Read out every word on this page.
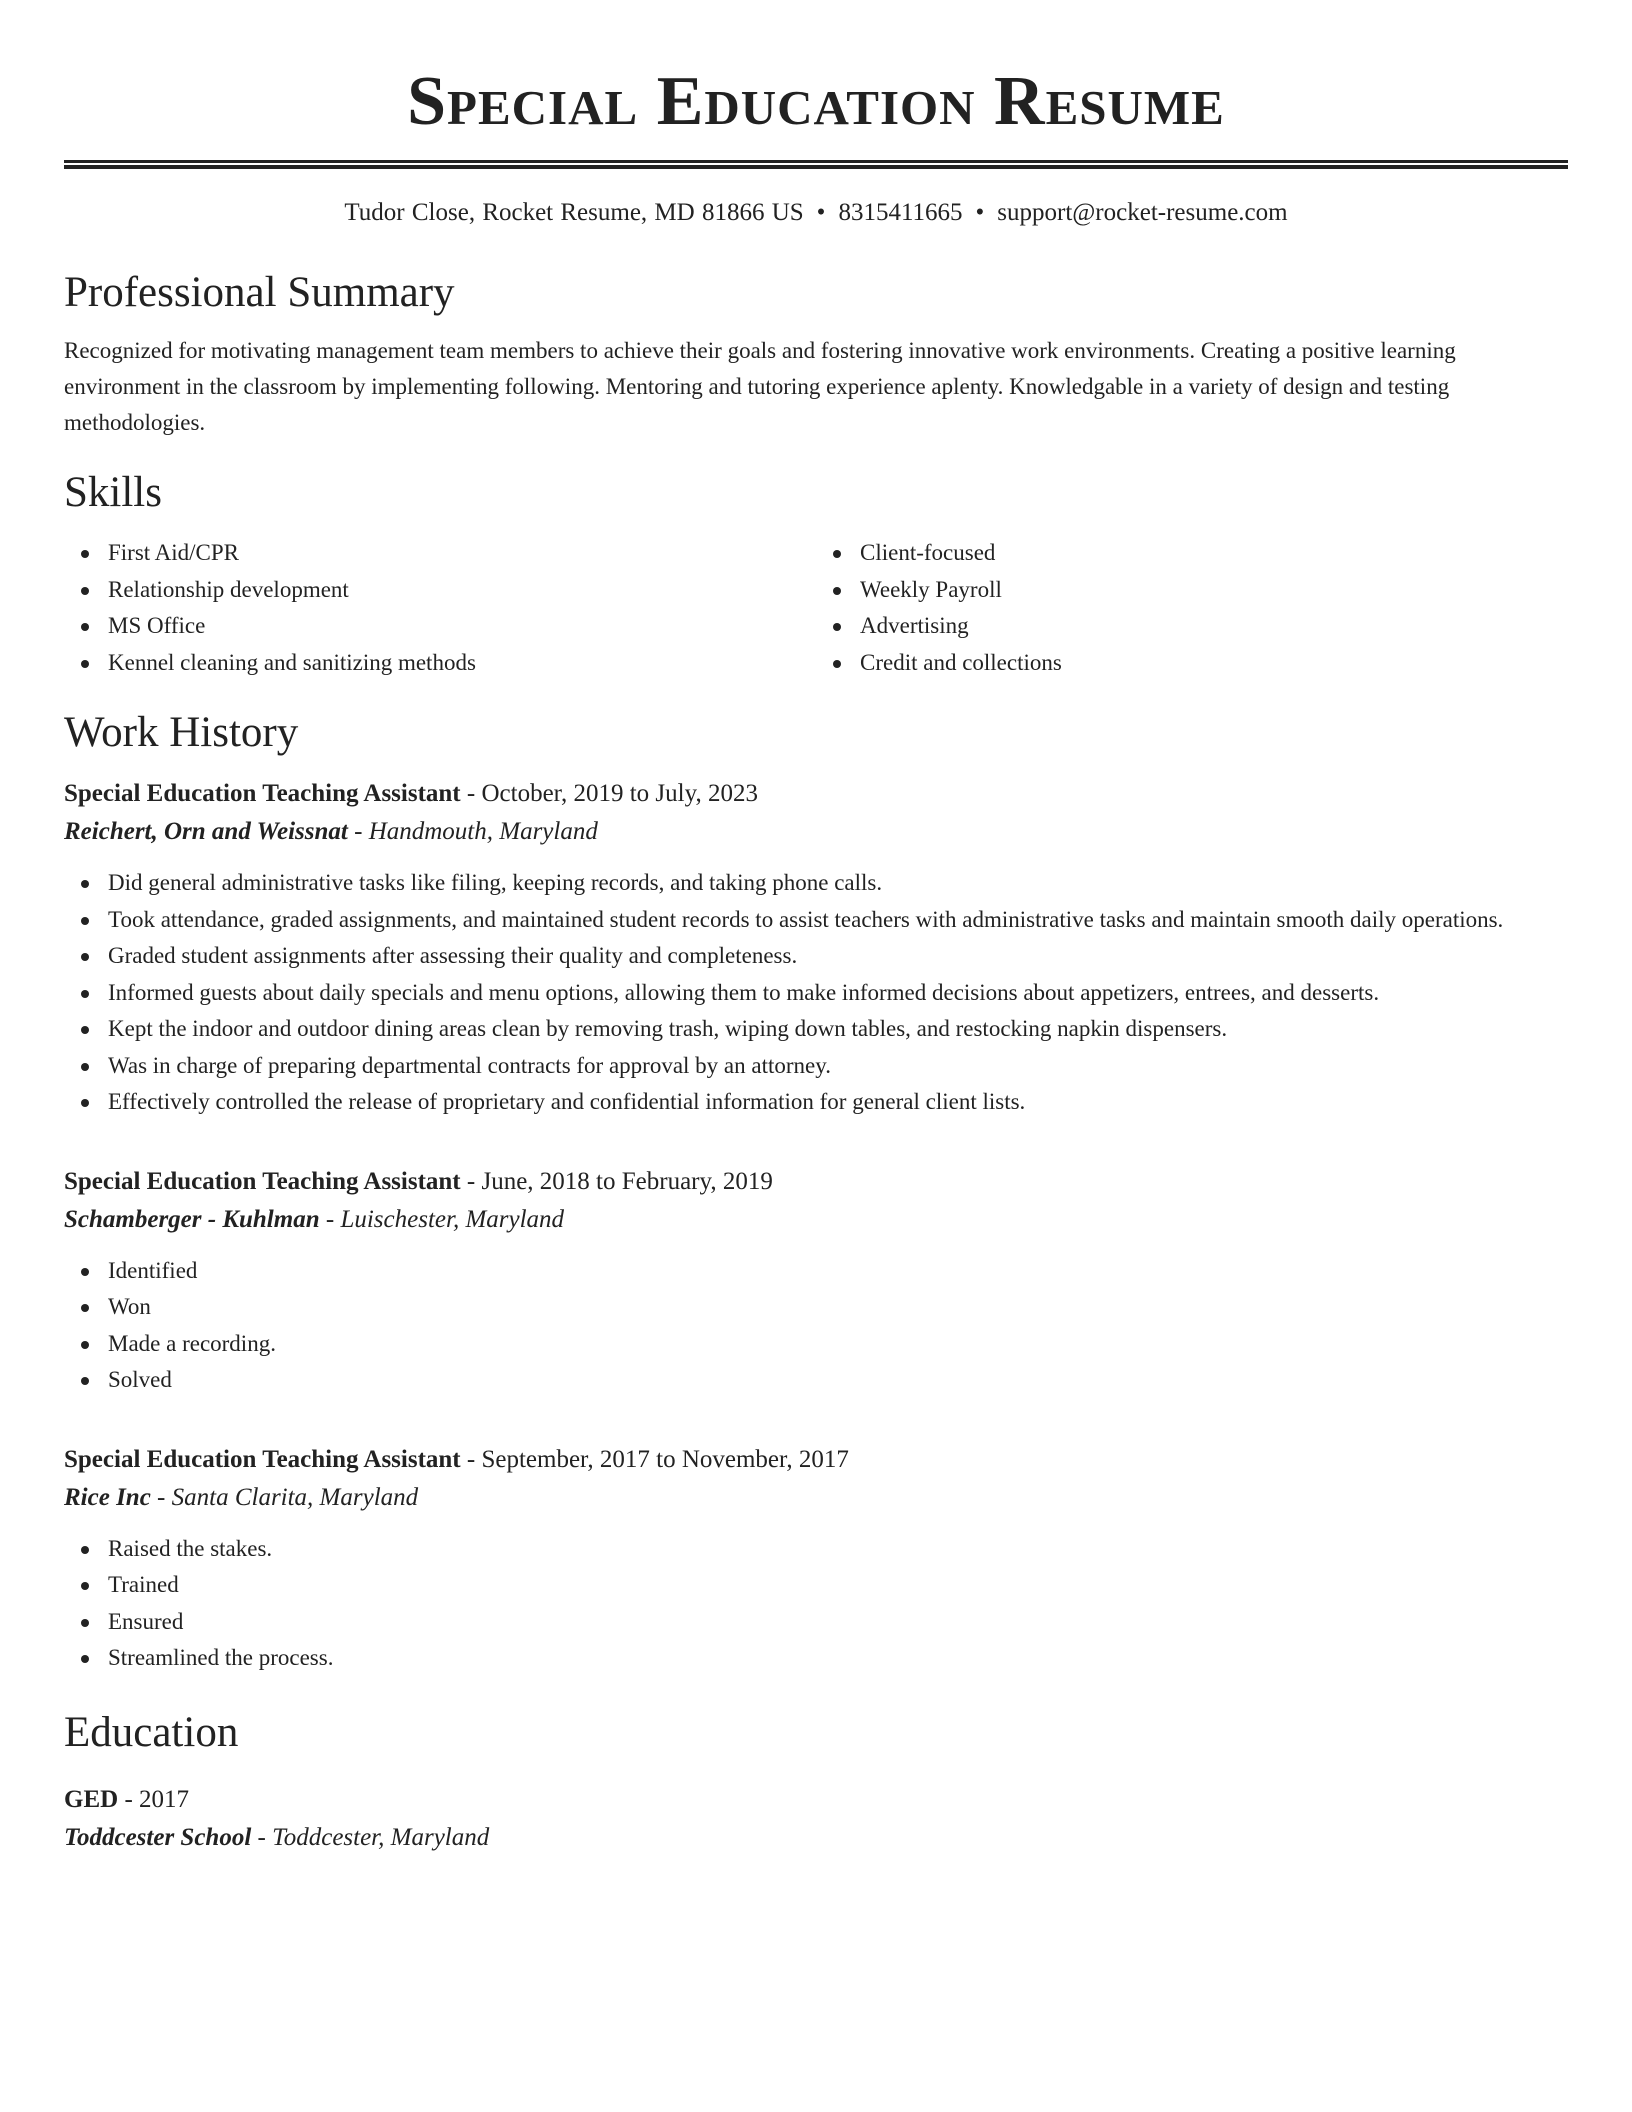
Special Education Resume
Tudor Close, Rocket Resume, MD 81866 US • 8315411665 • support@rocket-resume.com
Professional Summary

Recognized for motivating management team members to achieve their goals and fostering innovative work environments. Creating a positive learning environment in the classroom by implementing following. Mentoring and tutoring experience aplenty. Knowledgable in a variety of design and testing methodologies.

Skills
First Aid/CPR
Relationship development
MS Office
Kennel cleaning and sanitizing methods
Client-focused
Weekly Payroll
Advertising
Credit and collections
Work History
Special Education Teaching Assistant - October, 2019 to July, 2023
Reichert, Orn and Weissnat - Handmouth, Maryland
Did general administrative tasks like filing, keeping records, and taking phone calls.
Took attendance, graded assignments, and maintained student records to assist teachers with administrative tasks and maintain smooth daily operations.
Graded student assignments after assessing their quality and completeness.
Informed guests about daily specials and menu options, allowing them to make informed decisions about appetizers, entrees, and desserts.
Kept the indoor and outdoor dining areas clean by removing trash, wiping down tables, and restocking napkin dispensers.
Was in charge of preparing departmental contracts for approval by an attorney.
Effectively controlled the release of proprietary and confidential information for general client lists.
Special Education Teaching Assistant - June, 2018 to February, 2019
Schamberger - Kuhlman - Luischester, Maryland
Identified
Won
Made a recording.
Solved
Special Education Teaching Assistant - September, 2017 to November, 2017
Rice Inc - Santa Clarita, Maryland
Raised the stakes.
Trained
Ensured
Streamlined the process.
Education
GED - 2017
Toddcester School - Toddcester, Maryland
